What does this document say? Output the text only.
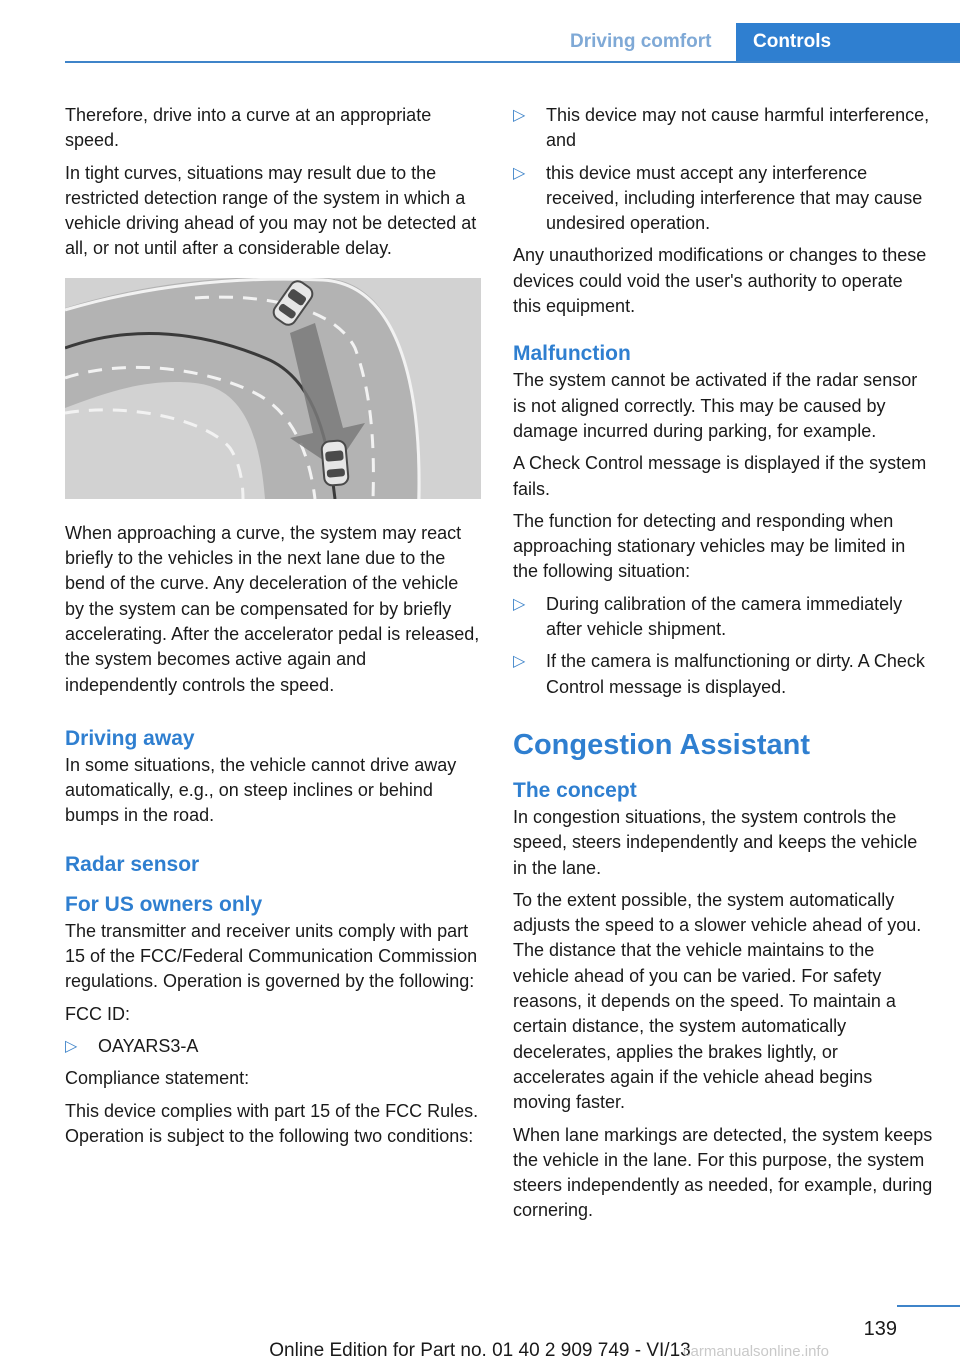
Driving comfort	Controls

Therefore, drive into a curve at an appropriate speed.

In tight curves, situations may result due to the restricted detection range of the system in which a vehicle driving ahead of you may not be detected at all, or not until after a considerable delay.

When approaching a curve, the system may react briefly to the vehicles in the next lane due to the bend of the curve. Any deceleration of the vehicle by the system can be compensated for by briefly accelerating. After the accelerator pedal is released, the system becomes active again and independently controls the speed.

Driving away

In some situations, the vehicle cannot drive away automatically, e.g., on steep inclines or behind bumps in the road.

Radar sensor
For US owners only

The transmitter and receiver units comply with part 15 of the FCC/Federal Communication Commission regulations. Operation is governed by the following:

FCC ID:

▷	OAYARS3-A

Compliance statement:

This device complies with part 15 of the FCC Rules. Operation is subject to the following two conditions:

▷	This device may not cause harmful interference, and
▷	this device must accept any interference received, including interference that may cause undesired operation.

Any unauthorized modifications or changes to these devices could void the user's authority to operate this equipment.

Malfunction

The system cannot be activated if the radar sensor is not aligned correctly. This may be caused by damage incurred during parking, for example.

A Check Control message is displayed if the system fails.

The function for detecting and responding when approaching stationary vehicles may be limited in the following situation:

▷	During calibration of the camera immediately after vehicle shipment.
▷	If the camera is malfunctioning or dirty. A Check Control message is displayed.
Congestion Assistant
The concept

In congestion situations, the system controls the speed, steers independently and keeps the vehicle in the lane.

To the extent possible, the system automatically adjusts the speed to a slower vehicle ahead of you. The distance that the vehicle maintains to the vehicle ahead of you can be varied. For safety reasons, it depends on the speed. To maintain a certain distance, the system automatically decelerates, applies the brakes lightly, or accelerates again if the vehicle ahead begins moving faster.

When lane markings are detected, the system keeps the vehicle in the lane. For this purpose, the system steers independently as needed, for example, during cornering.

139
Online Edition for Part no. 01 40 2 909 749 - VI/13
carmanualsonline.info
